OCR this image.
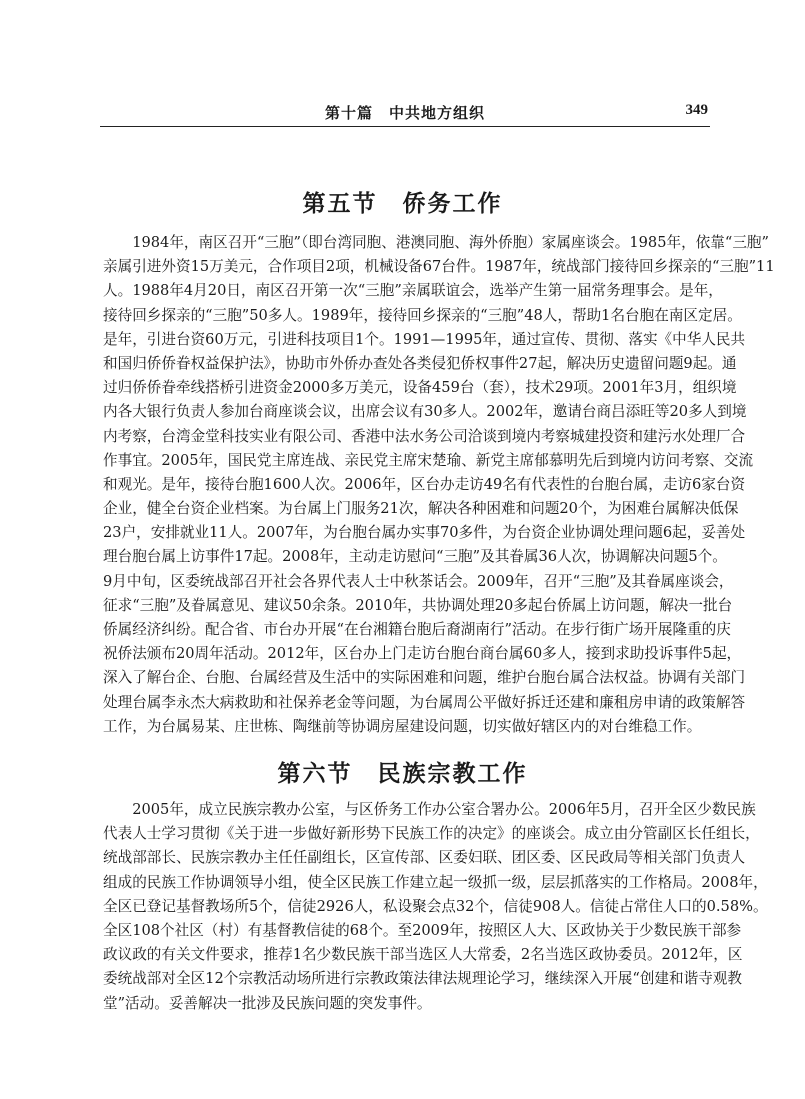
第十篇　中共地方组织	349
第五节　侨务工作
　　1984年，南区召开“三胞”（即台湾同胞、港澳同胞、海外侨胞）家属座谈会。1985年，依靠“三胞”
亲属引进外资15万美元，合作项目2项，机械设备67台件。1987年，统战部门接待回乡探亲的“三胞”11
人。1988年4月20日，南区召开第一次“三胞”亲属联谊会，选举产生第一届常务理事会。是年，
接待回乡探亲的“三胞”50多人。1989年，接待回乡探亲的“三胞”48人，帮助1名台胞在南区定居。
是年，引进台资60万元，引进科技项目1个。1991—1995年，通过宣传、贯彻、落实《中华人民共
和国归侨侨眷权益保护法》，协助市外侨办查处各类侵犯侨权事件27起，解决历史遗留问题9起。通
过归侨侨眷牵线搭桥引进资金2000多万美元，设备459台（套），技术29项。2001年3月，组织境
内各大银行负责人参加台商座谈会议，出席会议有30多人。2002年，邀请台商吕添旺等20多人到境
内考察，台湾金堂科技实业有限公司、香港中法水务公司洽谈到境内考察城建投资和建污水处理厂合
作事宜。2005年，国民党主席连战、亲民党主席宋楚瑜、新党主席郁慕明先后到境内访问考察、交流
和观光。是年，接待台胞1600人次。2006年，区台办走访49名有代表性的台胞台属，走访6家台资
企业，健全台资企业档案。为台属上门服务21次，解决各种困难和问题20个，为困难台属解决低保
23户，安排就业11人。2007年，为台胞台属办实事70多件，为台资企业协调处理问题6起，妥善处
理台胞台属上访事件17起。2008年，主动走访慰问“三胞”及其眷属36人次，协调解决问题5个。
9月中旬，区委统战部召开社会各界代表人士中秋茶话会。2009年，召开“三胞”及其眷属座谈会，
征求“三胞”及眷属意见、建议50余条。2010年，共协调处理20多起台侨属上访问题，解决一批台
侨属经济纠纷。配合省、市台办开展“在台湘籍台胞后裔湖南行”活动。在步行街广场开展隆重的庆
祝侨法颁布20周年活动。2012年，区台办上门走访台胞台商台属60多人，接到求助投诉事件5起，
深入了解台企、台胞、台属经营及生活中的实际困难和问题，维护台胞台属合法权益。协调有关部门
处理台属李永杰大病救助和社保养老金等问题，为台属周公平做好拆迁还建和廉租房申请的政策解答
工作，为台属易某、庄世栋、陶继前等协调房屋建设问题，切实做好辖区内的对台维稳工作。
第六节　民族宗教工作
　　2005年，成立民族宗教办公室，与区侨务工作办公室合署办公。2006年5月，召开全区少数民族
代表人士学习贯彻《关于进一步做好新形势下民族工作的决定》的座谈会。成立由分管副区长任组长，
统战部部长、民族宗教办主任任副组长，区宣传部、区委妇联、团区委、区民政局等相关部门负责人
组成的民族工作协调领导小组，使全区民族工作建立起一级抓一级，层层抓落实的工作格局。2008年，
全区已登记基督教场所5个，信徒2926人，私设聚会点32个，信徒908人。信徒占常住人口的0.58%。
全区108个社区（村）有基督教信徒的68个。至2009年，按照区人大、区政协关于少数民族干部参
政议政的有关文件要求，推荐1名少数民族干部当选区人大常委，2名当选区政协委员。2012年，区
委统战部对全区12个宗教活动场所进行宗教政策法律法规理论学习，继续深入开展“创建和谐寺观教
堂”活动。妥善解决一批涉及民族问题的突发事件。
